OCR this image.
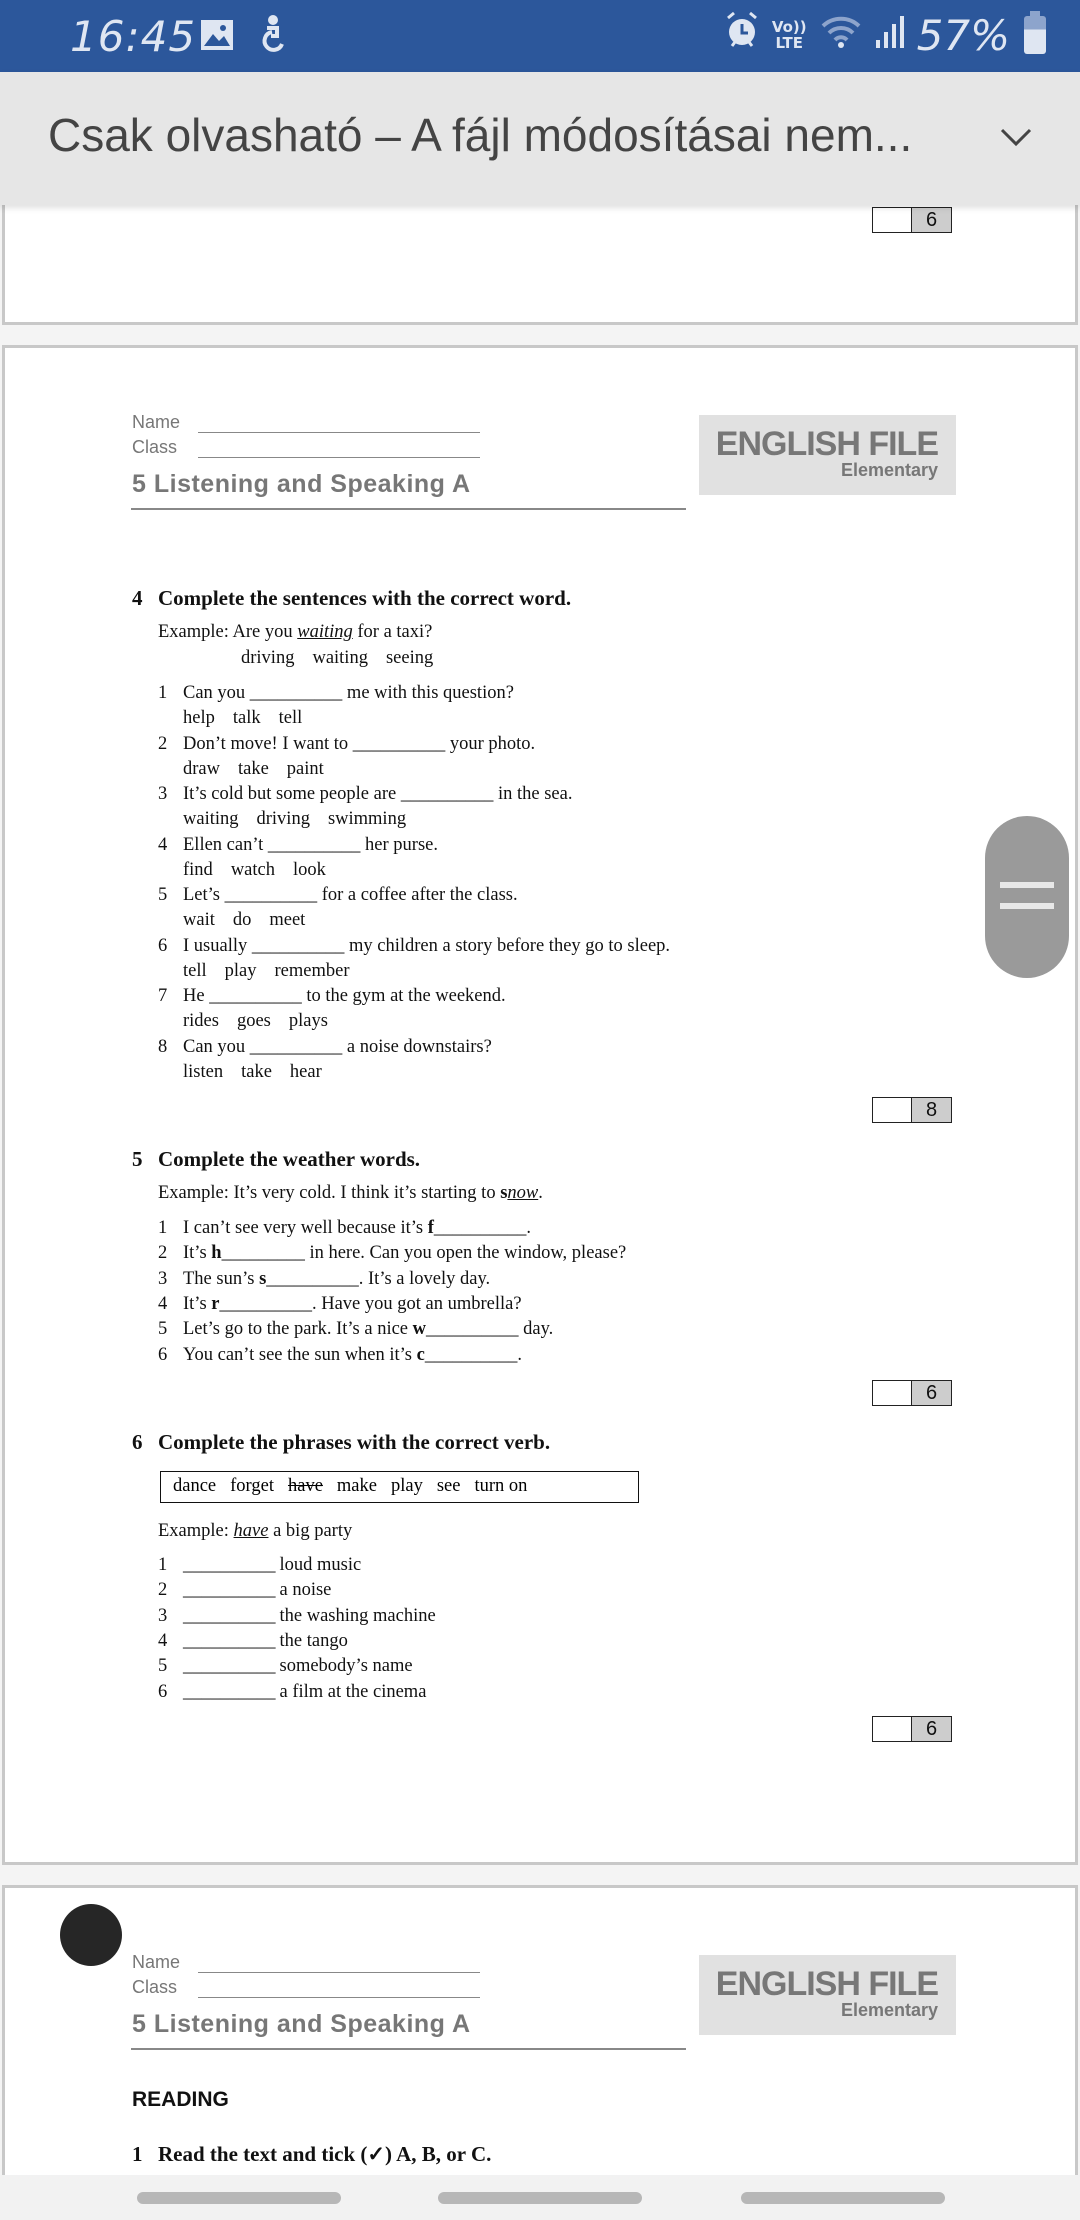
16:45	Vo))
LTE	57%
Csak olvasható – A fájl módosításai nem...
6
Name
Class
5 Listening and Speaking A
ENGLISH FILE
Elementary
4 Complete the sentences with the correct word.
Example: Are you waiting for a taxi?
driving waiting seeing
8
5 Complete the weather words.
Example: It’s very cold. I think it’s starting to snow.
6
6 Complete the phrases with the correct verb.
dance forget have make play see turn on
Example: have a big party
6
1 Can you __________ me with this question?
help talk tell
2 Don’t move! I want to __________ your photo.
draw take paint
3 It’s cold but some people are __________ in the sea.
waiting driving swimming
4 Ellen can’t __________ her purse.
find watch look
5 Let’s __________ for a coffee after the class.
wait do meet
6 I usually __________ my children a story before they go to sleep.
tell play remember
7 He __________ to the gym at the weekend.
rides goes plays
8 Can you __________ a noise downstairs?
listen take hear
1 I can’t see very well because it’s f__________.
2 It’s h_________ in here. Can you open the window, please?
3 The sun’s s__________. It’s a lovely day.
4 It’s r__________. Have you got an umbrella?
5 Let’s go to the park. It’s a nice w__________ day.
6 You can’t see the sun when it’s c__________.
1 __________ loud music
2 __________ a noise
3 __________ the washing machine
4 __________ the tango
5 __________ somebody’s name
6 __________ a film at the cinema
Name
Class
5 Listening and Speaking A
ENGLISH FILE
Elementary
READING
1 Read the text and tick (✓) A, B, or C.
